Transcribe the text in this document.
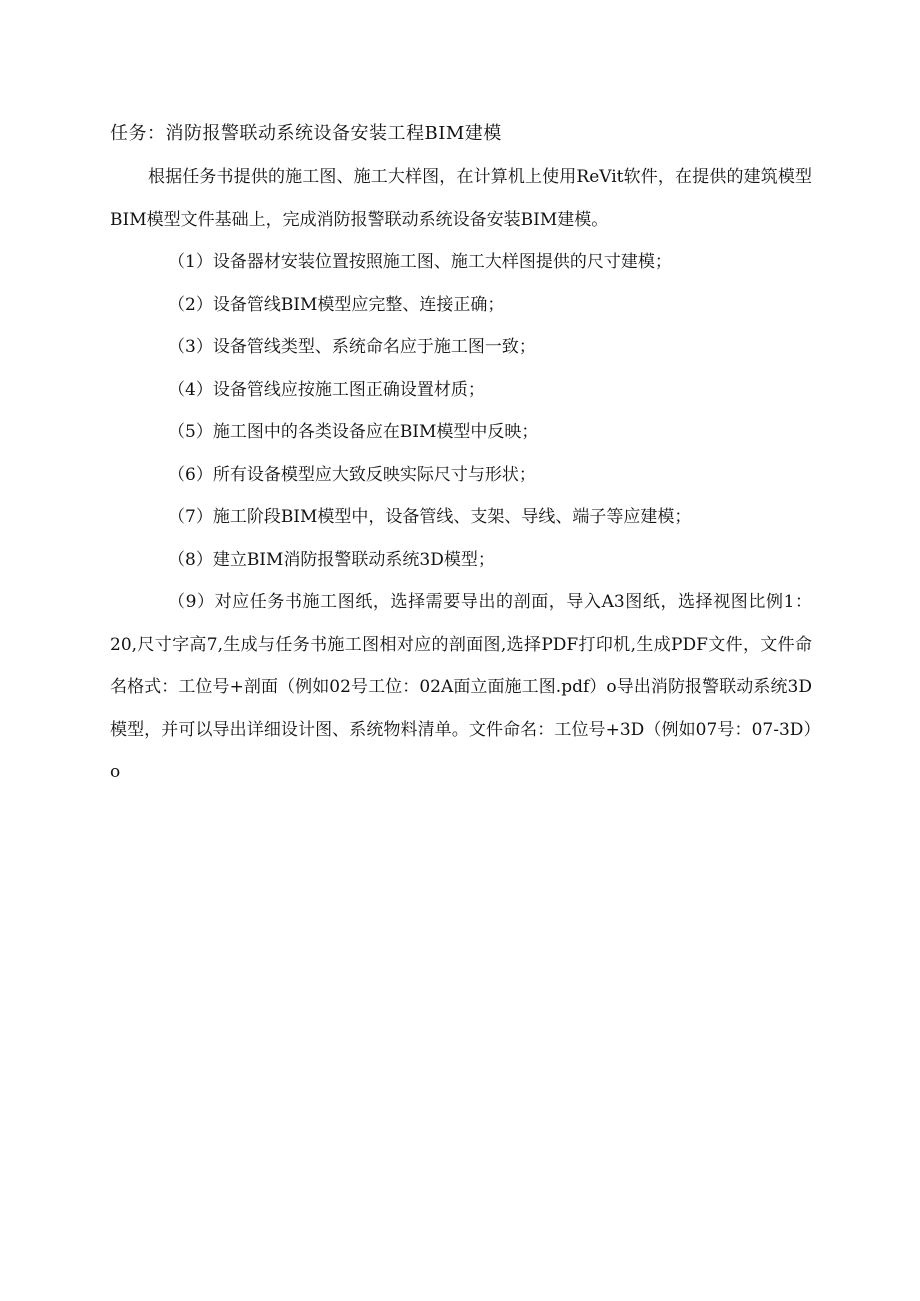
任务：消防报警联动系统设备安装工程BIM建模

根据任务书提供的施工图、施工大样图，在计算机上使用ReVit软件，在提供的建筑模型BIM模型文件基础上，完成消防报警联动系统设备安装BIM建模。

（1）设备器材安装位置按照施工图、施工大样图提供的尺寸建模；

（2）设备管线BIM模型应完整、连接正确；

（3）设备管线类型、系统命名应于施工图一致；

（4）设备管线应按施工图正确设置材质；

（5）施工图中的各类设备应在BIM模型中反映；

（6）所有设备模型应大致反映实际尺寸与形状；

（7）施工阶段BIM模型中，设备管线、支架、导线、端子等应建模；

（8）建立BIM消防报警联动系统3D模型；

（9）对应任务书施工图纸，选择需要导出的剖面，导入A3图纸，选择视图比例1：20,尺寸字高7,生成与任务书施工图相对应的剖面图,选择PDF打印机,生成PDF文件，文件命名格式：工位号+剖面（例如02号工位：02A面立面施工图.pdf）o导出消防报警联动系统3D模型，并可以导出详细设计图、系统物料清单。文件命名：工位号+3D（例如07号：07-3D）o
